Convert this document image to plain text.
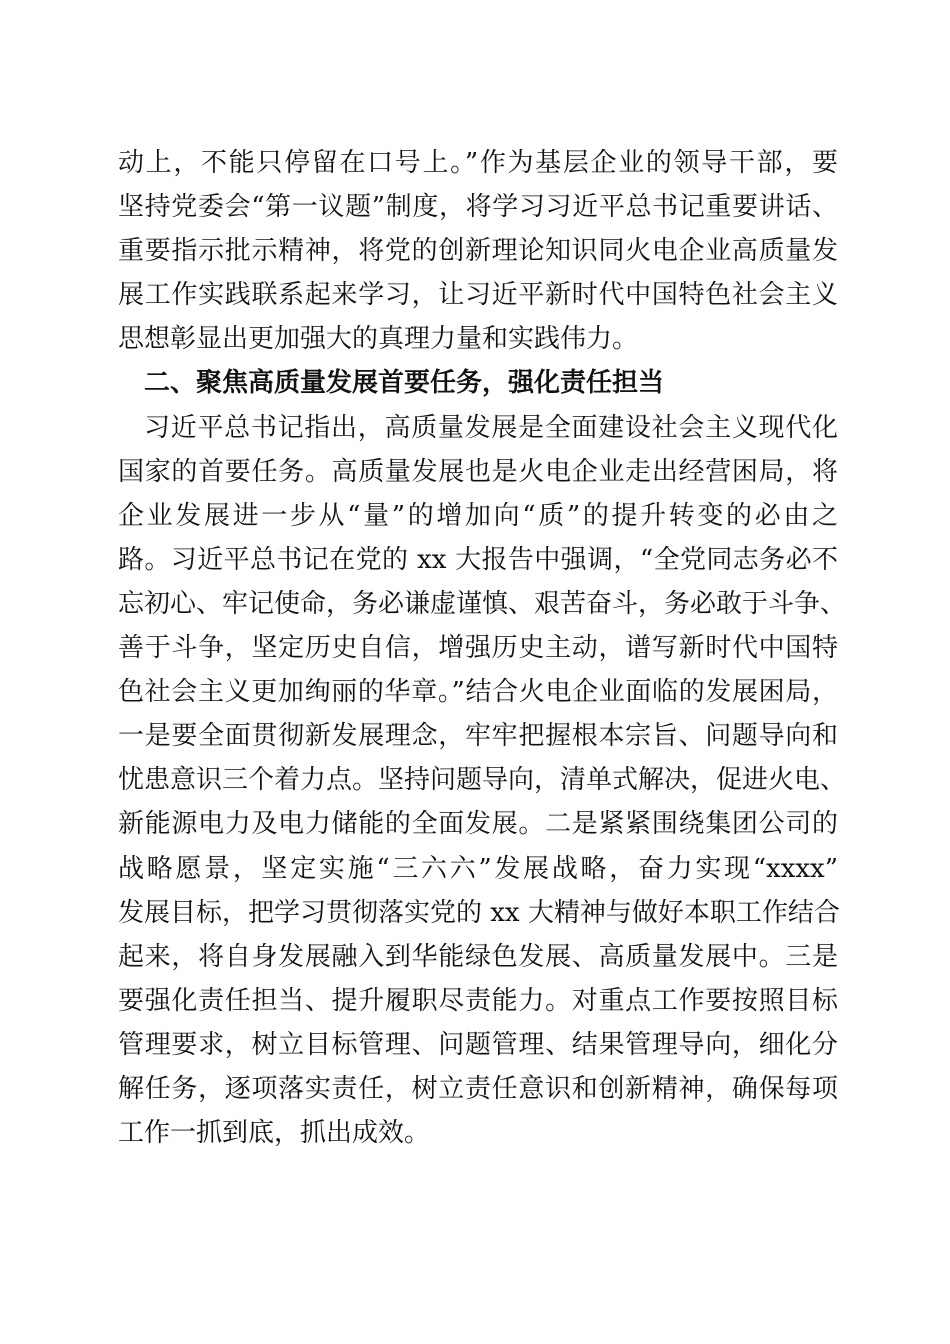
动上，不能只停留在口号上。”作为基层企业的领导干部，要
坚持党委会“第一议题”制度，将学习习近平总书记重要讲话、
重要指示批示精神，将党的创新理论知识同火电企业高质量发
展工作实践联系起来学习，让习近平新时代中国特色社会主义
思想彰显出更加强大的真理力量和实践伟力。
二、聚焦高质量发展首要任务，强化责任担当
习近平总书记指出，高质量发展是全面建设社会主义现代化
国家的首要任务。高质量发展也是火电企业走出经营困局，将
企业发展进一步从“量”的增加向“质”的提升转变的必由之
路。习近平总书记在党的 xx 大报告中强调，“全党同志务必不
忘初心、牢记使命，务必谦虚谨慎、艰苦奋斗，务必敢于斗争、
善于斗争，坚定历史自信，增强历史主动，谱写新时代中国特
色社会主义更加绚丽的华章。”结合火电企业面临的发展困局，
一是要全面贯彻新发展理念，牢牢把握根本宗旨、问题导向和
忧患意识三个着力点。坚持问题导向，清单式解决，促进火电、
新能源电力及电力储能的全面发展。二是紧紧围绕集团公司的
战略愿景，坚定实施“三六六”发展战略，奋力实现“xxxx”
发展目标，把学习贯彻落实党的 xx 大精神与做好本职工作结合
起来，将自身发展融入到华能绿色发展、高质量发展中。三是
要强化责任担当、提升履职尽责能力。对重点工作要按照目标
管理要求，树立目标管理、问题管理、结果管理导向，细化分
解任务，逐项落实责任，树立责任意识和创新精神，确保每项
工作一抓到底，抓出成效。
